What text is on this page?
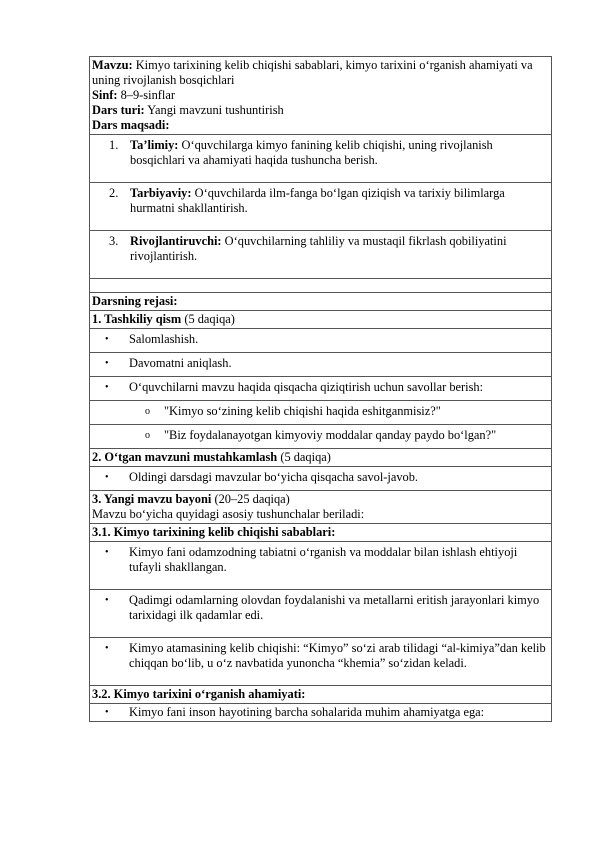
Mavzu: Kimyo tarixining kelib chiqishi sabablari, kimyo tarixini o‘rganish ahamiyati va uning rivojlanish bosqichlari
Sinf: 8–9-sinflar
Dars turi: Yangi mavzuni tushuntirish
Dars maqsadi:
1. Ta’limiy: O‘quvchilarga kimyo fanining kelib chiqishi, uning rivojlanish bosqichlari va ahamiyati haqida tushuncha berish.
2. Tarbiyaviy: O‘quvchilarda ilm-fanga bo‘lgan qiziqish va tarixiy bilimlarga hurmatni shakllantirish.
3. Rivojlantiruvchi: O‘quvchilarning tahliliy va mustaqil fikrlash qobiliyatini rivojlantirish.
Darsning rejasi:
1. Tashkiliy qism (5 daqiqa)
•	Salomlashish.
•	Davomatni aniqlash.
•	O‘quvchilarni mavzu haqida qisqacha qiziqtirish uchun savollar berish:
o	"Kimyo so‘zining kelib chiqishi haqida eshitganmisiz?"
o	"Biz foydalanayotgan kimyoviy moddalar qanday paydo bo‘lgan?"
2. O‘tgan mavzuni mustahkamlash (5 daqiqa)
•	Oldingi darsdagi mavzular bo‘yicha qisqacha savol-javob.
3. Yangi mavzu bayoni (20–25 daqiqa)
Mavzu bo‘yicha quyidagi asosiy tushunchalar beriladi:
3.1. Kimyo tarixining kelib chiqishi sabablari:
•	Kimyo fani odamzodning tabiatni o‘rganish va moddalar bilan ishlash ehtiyoji tufayli shakllangan.
•	Qadimgi odamlarning olovdan foydalanishi va metallarni eritish jarayonlari kimyo tarixidagi ilk qadamlar edi.
•	Kimyo atamasining kelib chiqishi: “Kimyo” so‘zi arab tilidagi “al-kimiya”dan kelib chiqqan bo‘lib, u o‘z navbatida yunoncha “khemia” so‘zidan keladi.
3.2. Kimyo tarixini o‘rganish ahamiyati:
•	Kimyo fani inson hayotining barcha sohalarida muhim ahamiyatga ega:
